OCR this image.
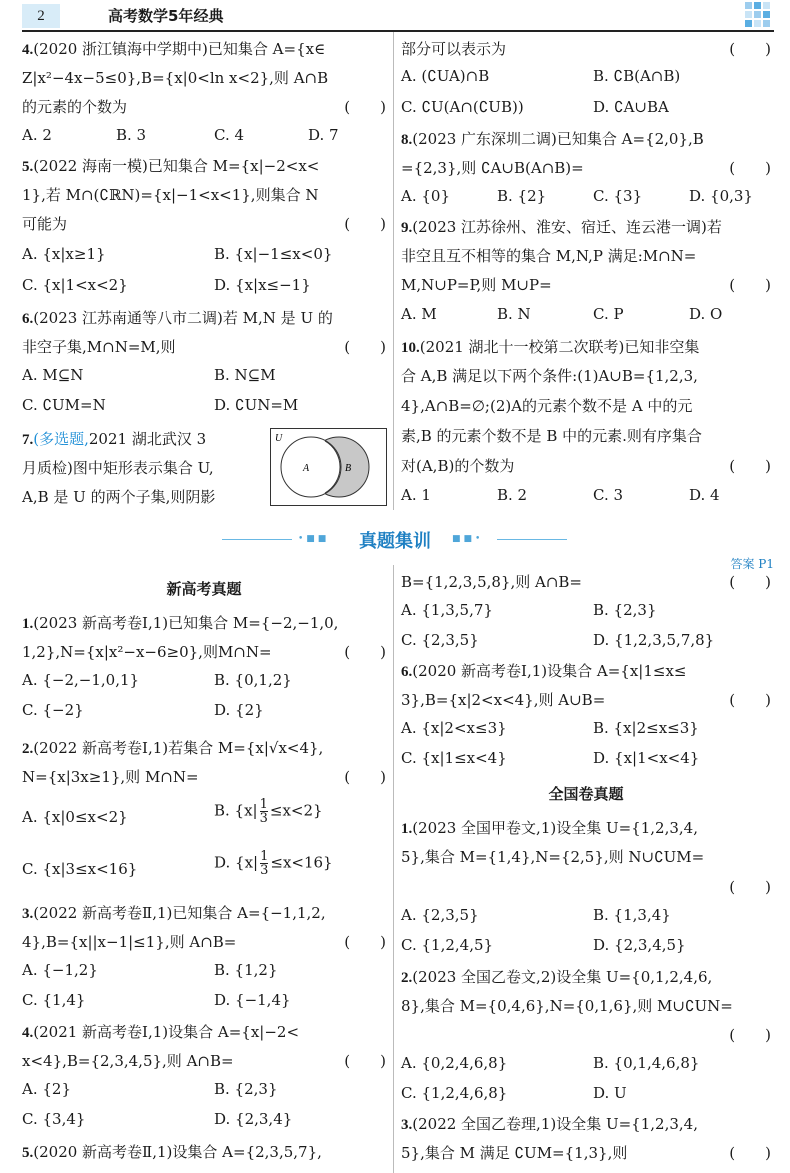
2	高考数学5年经典
4.(2020 浙江镇海中学期中)已知集合 A={x∈
Z|x²−4x−5≤0},B={x|0<ln x<2},则 A∩B
的元素的个数为	(　　)
A. 2	B. 3	C. 4	D. 7
5.(2022 海南一模)已知集合 M={x|−2<x<
1},若 M∩(∁ℝN)={x|−1<x<1},则集合 N
可能为	(　　)
A. {x|x≥1}	B. {x|−1≤x<0}
C. {x|1<x<2}	D. {x|x≤−1}
6.(2023 江苏南通等八市二调)若 M,N 是 U 的
非空子集,M∩N=M,则	(　　)
A. M⊆N	B. N⊆M
C. ∁UM=N	D. ∁UN=M
7.(多选题,2021 湖北武汉 3
月质检)图中矩形表示集合 U,
A,B 是 U 的两个子集,则阴影
U
A	B
部分可以表示为	(　　)
A. (∁UA)∩B	B. ∁B(A∩B)
C. ∁U(A∩(∁UB))	D. ∁A∪BA
8.(2023 广东深圳二调)已知集合 A={2,0},B
={2,3},则 ∁A∪B(A∩B)=	(　　)
A. {0}	B. {2}	C. {3}	D. {0,3}
9.(2023 江苏徐州、淮安、宿迁、连云港一调)若
非空且互不相等的集合 M,N,P 满足:M∩N=
M,N∪P=P,则 M∪P=	(　　)
A. M	B. N	C. P	D. O
10.(2021 湖北十一校第二次联考)已知非空集
合 A,B 满足以下两个条件:(1)A∪B={1,2,3,
4},A∩B=∅;(2)A的元素个数不是 A 中的元
素,B 的元素个数不是 B 中的元素.则有序集合
对(A,B)的个数为	(　　)
A. 1	B. 2	C. 3	D. 4
•■■	真题集训	■■•
答案 P1
新高考真题
1.(2023 新高考卷Ⅰ,1)已知集合 M={−2,−1,0,
1,2},N={x|x²−x−6≥0},则M∩N=	(　　)
A. {−2,−1,0,1}	B. {0,1,2}
C. {−2}	D. {2}
2.(2022 新高考卷Ⅰ,1)若集合 M={x|√x<4},
N={x|3x≥1},则 M∩N=	(　　)
A. {x|0≤x<2}	B. $\{x| \frac{1}{3} \le x<2\}$
C. {x|3≤x<16}	D. $\{x| \frac{1}{3} \le x<16\}$
3.(2022 新高考卷Ⅱ,1)已知集合 A={−1,1,2,
4},B={x||x−1|≤1},则 A∩B=	(　　)
A. {−1,2}	B. {1,2}
C. {1,4}	D. {−1,4}
4.(2021 新高考卷Ⅰ,1)设集合 A={x|−2<
x<4},B={2,3,4,5},则 A∩B=	(　　)
A. {2}	B. {2,3}
C. {3,4}	D. {2,3,4}
5.(2020 新高考卷Ⅱ,1)设集合 A={2,3,5,7},
B={1,2,3,5,8},则 A∩B=	(　　)
A. {1,3,5,7}	B. {2,3}
C. {2,3,5}	D. {1,2,3,5,7,8}
6.(2020 新高考卷Ⅰ,1)设集合 A={x|1≤x≤
3},B={x|2<x<4},则 A∪B=	(　　)
A. {x|2<x≤3}	B. {x|2≤x≤3}
C. {x|1≤x<4}	D. {x|1<x<4}
全国卷真题
1.(2023 全国甲卷文,1)设全集 U={1,2,3,4,
5},集合 M={1,4},N={2,5},则 N∪∁UM=
(　　)
A. {2,3,5}	B. {1,3,4}
C. {1,2,4,5}	D. {2,3,4,5}
2.(2023 全国乙卷文,2)设全集 U={0,1,2,4,6,
8},集合 M={0,4,6},N={0,1,6},则 M∪∁UN=
(　　)
A. {0,2,4,6,8}	B. {0,1,4,6,8}
C. {1,2,4,6,8}	D. U
3.(2022 全国乙卷理,1)设全集 U={1,2,3,4,
5},集合 M 满足 ∁UM={1,3},则	(　　)
